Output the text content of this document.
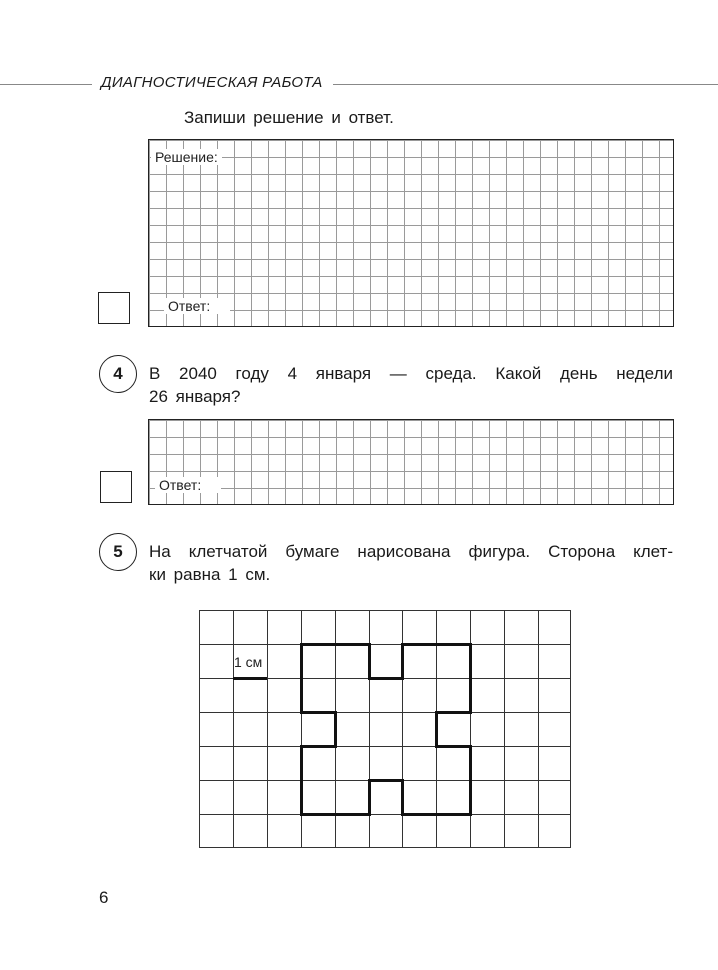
ДИАГНОСТИЧЕСКАЯ РАБОТА
Запиши решение и ответ.
Решение:
Ответ:
4	В 2040 году 4 января — среда. Какой день недели
26 января?
Ответ:
5	На клетчатой бумаге нарисована фигура. Сторона клет-
ки равна 1 см.
1 см
6
